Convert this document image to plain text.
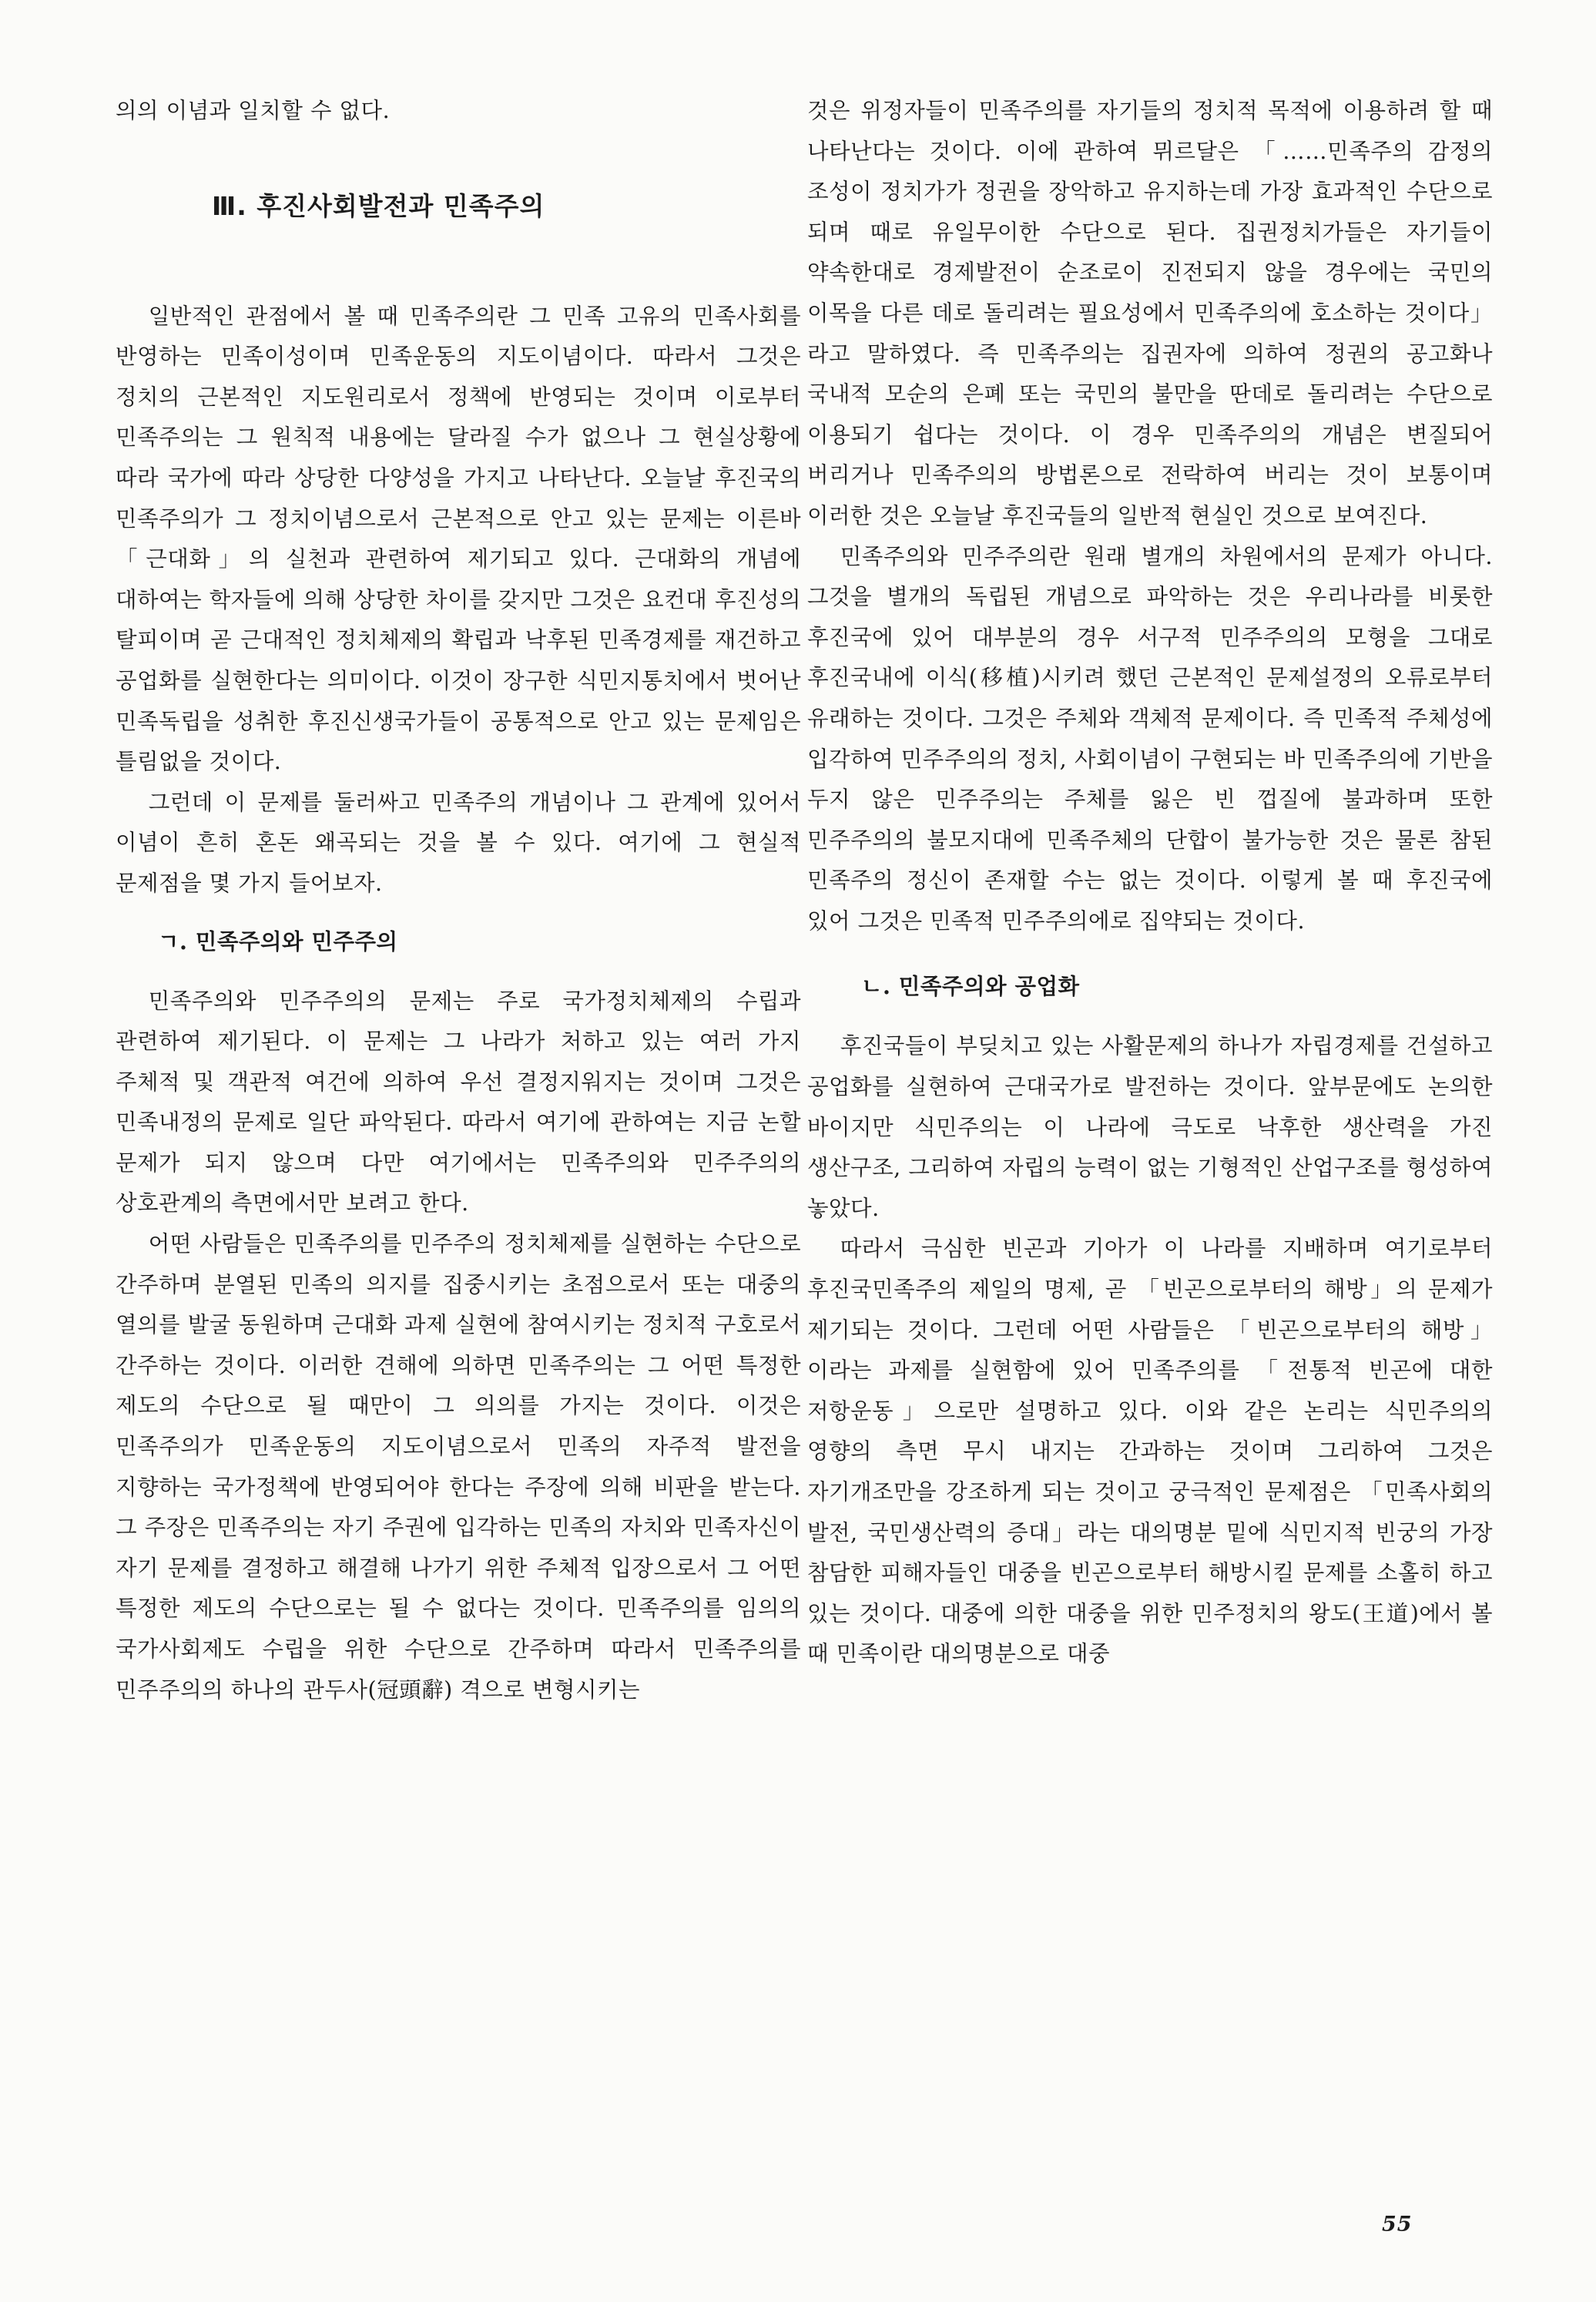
의의 이념과 일치할 수 없다.

Ⅲ. 후진사회발전과 민족주의

일반적인 관점에서 볼 때 민족주의란 그 민족 고유의 민족사회를 반영하는 민족이성이며 민족운동의 지도이념이다. 따라서 그것은 정치의 근본적인 지도원리로서 정책에 반영되는 것이며 이로부터 민족주의는 그 원칙적 내용에는 달라질 수가 없으나 그 현실상황에 따라 국가에 따라 상당한 다양성을 가지고 나타난다. 오늘날 후진국의 민족주의가 그 정치이념으로서 근본적으로 안고 있는 문제는 이른바 「근대화」의 실천과 관련하여 제기되고 있다. 근대화의 개념에 대하여는 학자들에 의해 상당한 차이를 갖지만 그것은 요컨대 후진성의 탈피이며 곧 근대적인 정치체제의 확립과 낙후된 민족경제를 재건하고 공업화를 실현한다는 의미이다. 이것이 장구한 식민지통치에서 벗어난 민족독립을 성취한 후진신생국가들이 공통적으로 안고 있는 문제임은 틀림없을 것이다.

그런데 이 문제를 둘러싸고 민족주의 개념이나 그 관계에 있어서 이념이 흔히 혼돈 왜곡되는 것을 볼 수 있다. 여기에 그 현실적 문제점을 몇 가지 들어보자.

ㄱ. 민족주의와 민주주의

민족주의와 민주주의의 문제는 주로 국가정치체제의 수립과 관련하여 제기된다. 이 문제는 그 나라가 처하고 있는 여러 가지 주체적 및 객관적 여건에 의하여 우선 결정지워지는 것이며 그것은 민족내정의 문제로 일단 파악된다. 따라서 여기에 관하여는 지금 논할 문제가 되지 않으며 다만 여기에서는 민족주의와 민주주의의 상호관계의 측면에서만 보려고 한다.

어떤 사람들은 민족주의를 민주주의 정치체제를 실현하는 수단으로 간주하며 분열된 민족의 의지를 집중시키는 초점으로서 또는 대중의 열의를 발굴 동원하며 근대화 과제 실현에 참여시키는 정치적 구호로서 간주하는 것이다. 이러한 견해에 의하면 민족주의는 그 어떤 특정한 제도의 수단으로 될 때만이 그 의의를 가지는 것이다. 이것은 민족주의가 민족운동의 지도이념으로서 민족의 자주적 발전을 지향하는 국가정책에 반영되어야 한다는 주장에 의해 비판을 받는다. 그 주장은 민족주의는 자기 주권에 입각하는 민족의 자치와 민족자신이 자기 문제를 결정하고 해결해 나가기 위한 주체적 입장으로서 그 어떤 특정한 제도의 수단으로는 될 수 없다는 것이다. 민족주의를 임의의 국가사회제도 수립을 위한 수단으로 간주하며 따라서 민족주의를 민주주의의 하나의 관두사(冠頭辭) 격으로 변형시키는

것은 위정자들이 민족주의를 자기들의 정치적 목적에 이용하려 할 때 나타난다는 것이다. 이에 관하여 뮈르달은 「……민족주의 감정의 조성이 정치가가 정권을 장악하고 유지하는데 가장 효과적인 수단으로 되며 때로 유일무이한 수단으로 된다. 집권정치가들은 자기들이 약속한대로 경제발전이 순조로이 진전되지 않을 경우에는 국민의 이목을 다른 데로 돌리려는 필요성에서 민족주의에 호소하는 것이다」라고 말하였다. 즉 민족주의는 집권자에 의하여 정권의 공고화나 국내적 모순의 은폐 또는 국민의 불만을 딴데로 돌리려는 수단으로 이용되기 쉽다는 것이다. 이 경우 민족주의의 개념은 변질되어 버리거나 민족주의의 방법론으로 전락하여 버리는 것이 보통이며 이러한 것은 오늘날 후진국들의 일반적 현실인 것으로 보여진다.

민족주의와 민주주의란 원래 별개의 차원에서의 문제가 아니다. 그것을 별개의 독립된 개념으로 파악하는 것은 우리나라를 비롯한 후진국에 있어 대부분의 경우 서구적 민주주의의 모형을 그대로 후진국내에 이식(移植)시키려 했던 근본적인 문제설정의 오류로부터 유래하는 것이다. 그것은 주체와 객체적 문제이다. 즉 민족적 주체성에 입각하여 민주주의의 정치, 사회이념이 구현되는 바 민족주의에 기반을 두지 않은 민주주의는 주체를 잃은 빈 껍질에 불과하며 또한 민주주의의 불모지대에 민족주체의 단합이 불가능한 것은 물론 참된 민족주의 정신이 존재할 수는 없는 것이다. 이렇게 볼 때 후진국에 있어 그것은 민족적 민주주의에로 집약되는 것이다.

ㄴ. 민족주의와 공업화

후진국들이 부딪치고 있는 사활문제의 하나가 자립경제를 건설하고 공업화를 실현하여 근대국가로 발전하는 것이다. 앞부문에도 논의한 바이지만 식민주의는 이 나라에 극도로 낙후한 생산력을 가진 생산구조, 그리하여 자립의 능력이 없는 기형적인 산업구조를 형성하여 놓았다.

따라서 극심한 빈곤과 기아가 이 나라를 지배하며 여기로부터 후진국민족주의 제일의 명제, 곧 「빈곤으로부터의 해방」의 문제가 제기되는 것이다. 그런데 어떤 사람들은 「빈곤으로부터의 해방」이라는 과제를 실현함에 있어 민족주의를 「전통적 빈곤에 대한 저항운동」으로만 설명하고 있다. 이와 같은 논리는 식민주의의 영향의 측면 무시 내지는 간과하는 것이며 그리하여 그것은 자기개조만을 강조하게 되는 것이고 궁극적인 문제점은 「민족사회의 발전, 국민생산력의 증대」라는 대의명분 밑에 식민지적 빈궁의 가장 참담한 피해자들인 대중을 빈곤으로부터 해방시킬 문제를 소홀히 하고 있는 것이다. 대중에 의한 대중을 위한 민주정치의 왕도(王道)에서 볼 때 민족이란 대의명분으로 대중

55
